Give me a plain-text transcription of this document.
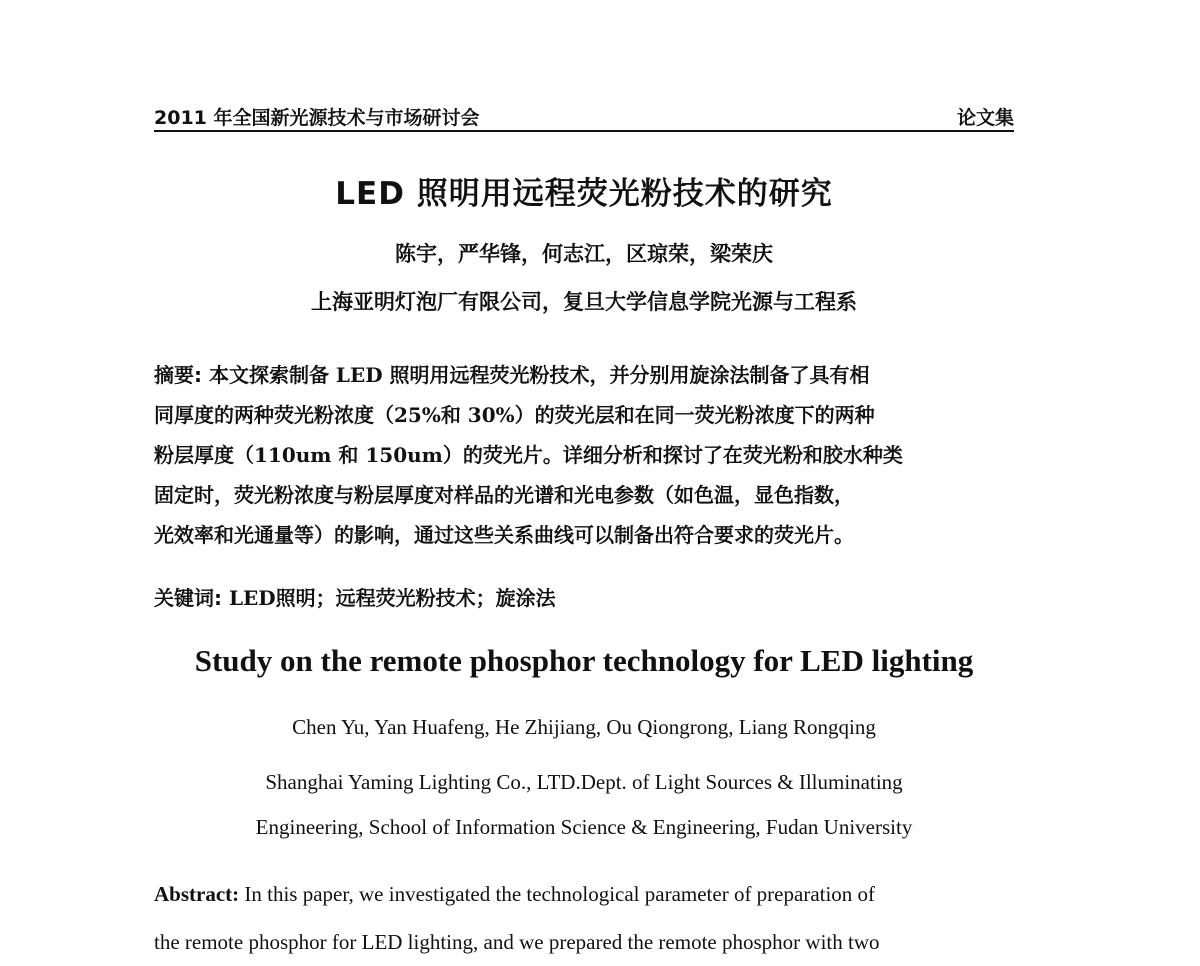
2011 年全国新光源技术与市场研讨会	论文集
LED 照明用远程荧光粉技术的研究
陈宇，严华锋，何志江，区琼荣，梁荣庆
上海亚明灯泡厂有限公司，复旦大学信息学院光源与工程系
摘要: 本文探索制备 LED 照明用远程荧光粉技术，并分别用旋涂法制备了具有相
同厚度的两种荧光粉浓度（25%和 30%）的荧光层和在同一荧光粉浓度下的两种
粉层厚度（110um 和 150um）的荧光片。详细分析和探讨了在荧光粉和胶水种类
固定时，荧光粉浓度与粉层厚度对样品的光谱和光电参数（如色温，显色指数，
光效率和光通量等）的影响，通过这些关系曲线可以制备出符合要求的荧光片。
关键词: LED照明；远程荧光粉技术；旋涂法
Study on the remote phosphor technology for LED lighting
Chen Yu, Yan Huafeng, He Zhijiang, Ou Qiongrong, Liang Rongqing
Shanghai Yaming Lighting Co., LTD.Dept. of Light Sources & Illuminating
Engineering, School of Information Science & Engineering, Fudan University
Abstract: In this paper, we investigated the technological parameter of preparation of
the remote phosphor for LED lighting, and we prepared the remote phosphor with two
